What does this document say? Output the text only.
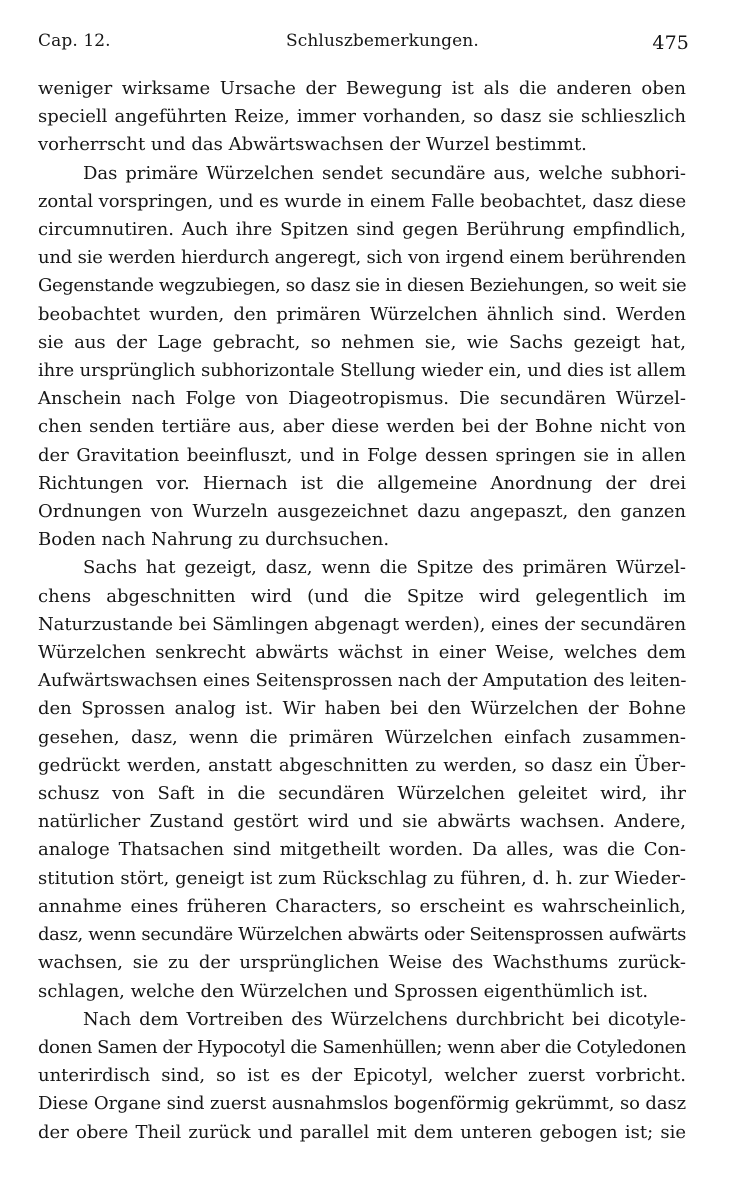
Cap. 12.	Schluszbemerkungen.	475
weniger wirksame Ursache der Bewegung ist als die anderen oben
speciell angeführten Reize, immer vorhanden, so dasz sie schlieszlich
vorherrscht und das Abwärtswachsen der Wurzel bestimmt.
Das primäre Würzelchen sendet secundäre aus, welche subhori-
zontal vorspringen, und es wurde in einem Falle beobachtet, dasz diese
circumnutiren. Auch ihre Spitzen sind gegen Berührung empfindlich,
und sie werden hierdurch angeregt, sich von irgend einem berührenden
Gegenstande wegzubiegen, so dasz sie in diesen Beziehungen, so weit sie
beobachtet wurden, den primären Würzelchen ähnlich sind. Werden
sie aus der Lage gebracht, so nehmen sie, wie Sachs gezeigt hat,
ihre ursprünglich subhorizontale Stellung wieder ein, und dies ist allem
Anschein nach Folge von Diageotropismus. Die secundären Würzel-
chen senden tertiäre aus, aber diese werden bei der Bohne nicht von
der Gravitation beeinfluszt, und in Folge dessen springen sie in allen
Richtungen vor. Hiernach ist die allgemeine Anordnung der drei
Ordnungen von Wurzeln ausgezeichnet dazu angepaszt, den ganzen
Boden nach Nahrung zu durchsuchen.
Sachs hat gezeigt, dasz, wenn die Spitze des primären Würzel-
chens abgeschnitten wird (und die Spitze wird gelegentlich im
Naturzustande bei Sämlingen abgenagt werden), eines der secundären
Würzelchen senkrecht abwärts wächst in einer Weise, welches dem
Aufwärtswachsen eines Seitensprossen nach der Amputation des leiten-
den Sprossen analog ist. Wir haben bei den Würzelchen der Bohne
gesehen, dasz, wenn die primären Würzelchen einfach zusammen-
gedrückt werden, anstatt abgeschnitten zu werden, so dasz ein Über-
schusz von Saft in die secundären Würzelchen geleitet wird, ihr
natürlicher Zustand gestört wird und sie abwärts wachsen. Andere,
analoge Thatsachen sind mitgetheilt worden. Da alles, was die Con-
stitution stört, geneigt ist zum Rückschlag zu führen, d. h. zur Wieder-
annahme eines früheren Characters, so erscheint es wahrscheinlich,
dasz, wenn secundäre Würzelchen abwärts oder Seitensprossen aufwärts
wachsen, sie zu der ursprünglichen Weise des Wachsthums zurück-
schlagen, welche den Würzelchen und Sprossen eigenthümlich ist.
Nach dem Vortreiben des Würzelchens durchbricht bei dicotyle-
donen Samen der Hypocotyl die Samenhüllen; wenn aber die Cotyledonen
unterirdisch sind, so ist es der Epicotyl, welcher zuerst vorbricht.
Diese Organe sind zuerst ausnahmslos bogenförmig gekrümmt, so dasz
der obere Theil zurück und parallel mit dem unteren gebogen ist; sie
